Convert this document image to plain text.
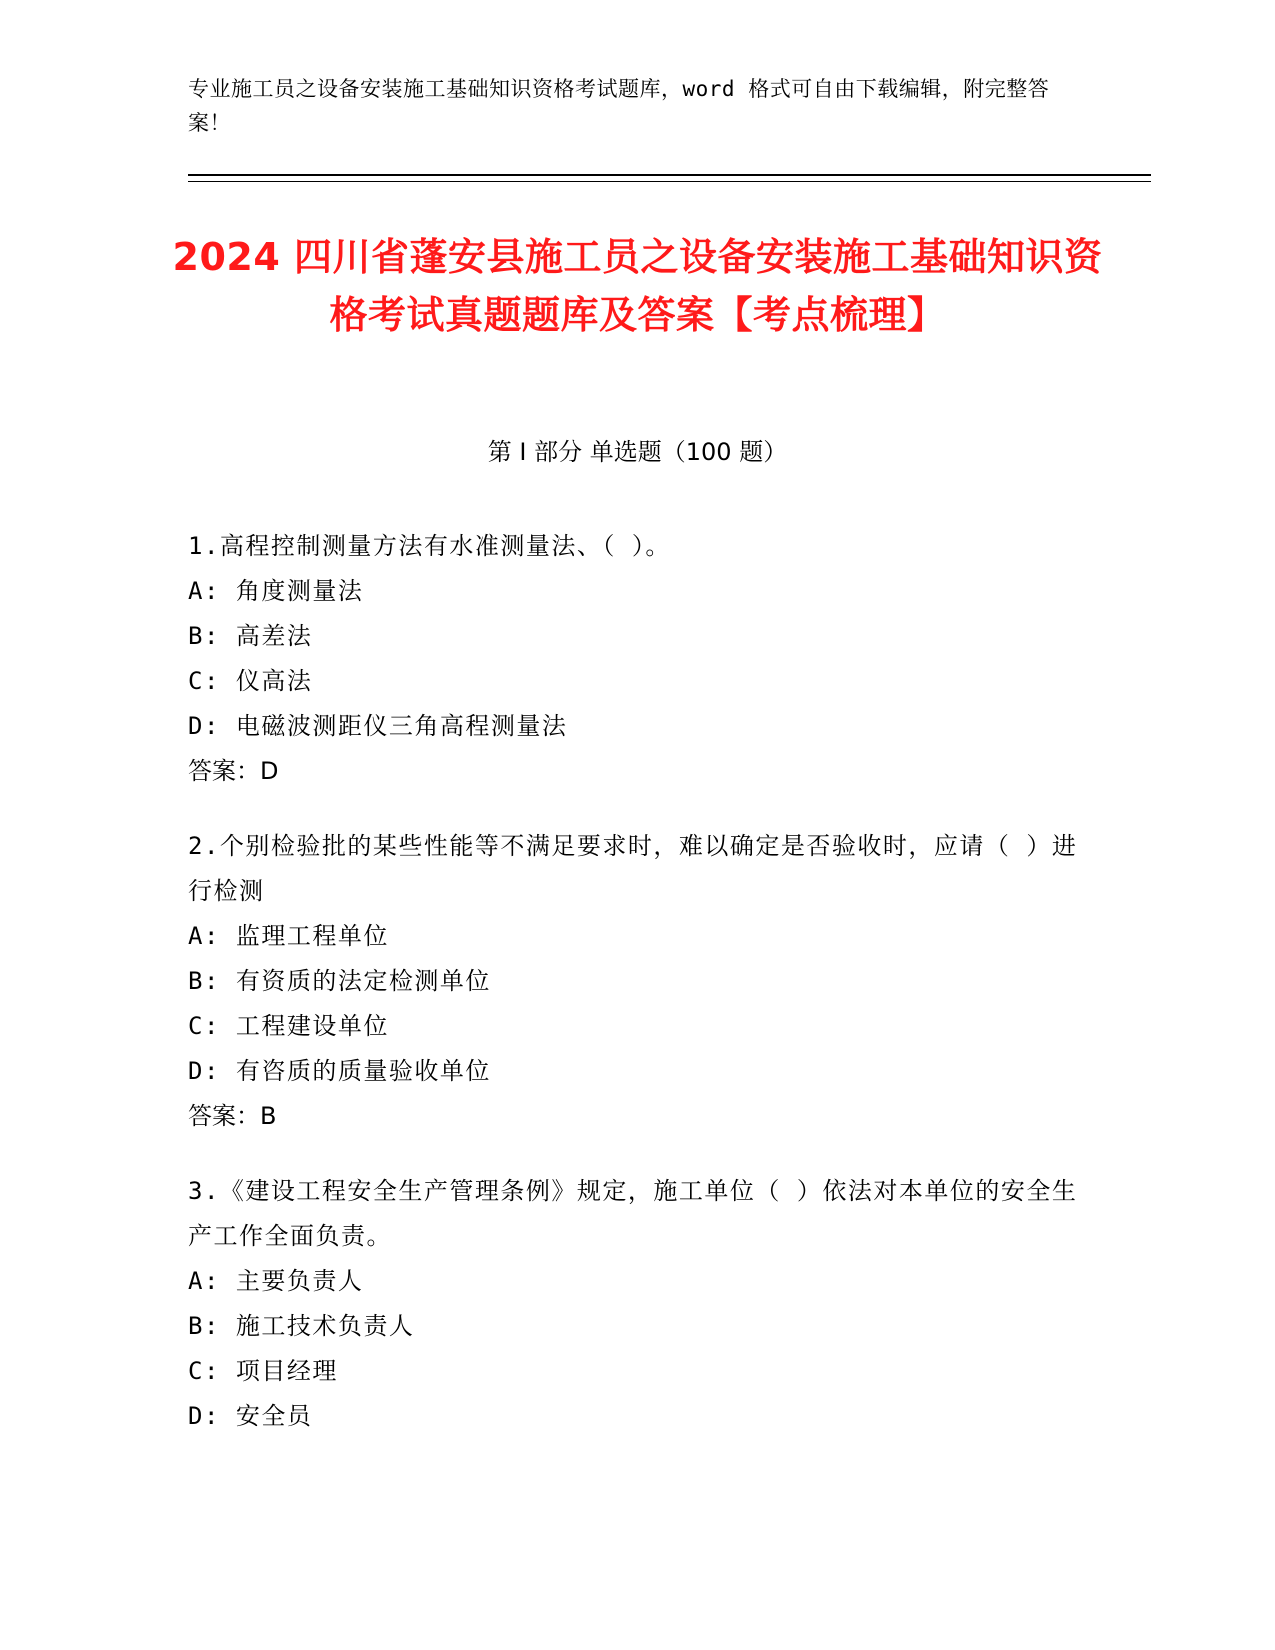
专业施工员之设备安装施工基础知识资格考试题库，word 格式可自由下载编辑，附完整答案！
2024 四川省蓬安县施工员之设备安装施工基础知识资格考试真题题库及答案【考点梳理】
第 I 部分 单选题（100 题）

1.高程控制测量方法有水准测量法、（ ）。

A: 角度测量法

B: 高差法

C: 仪高法

D: 电磁波测距仪三角高程测量法

答案：D

2.个别检验批的某些性能等不满足要求时，难以确定是否验收时，应请（ ）进行检测

A: 监理工程单位

B: 有资质的法定检测单位

C: 工程建设单位

D: 有咨质的质量验收单位

答案：B

3.《建设工程安全生产管理条例》规定，施工单位（ ）依法对本单位的安全生产工作全面负责。

A: 主要负责人

B: 施工技术负责人

C: 项目经理

D: 安全员
